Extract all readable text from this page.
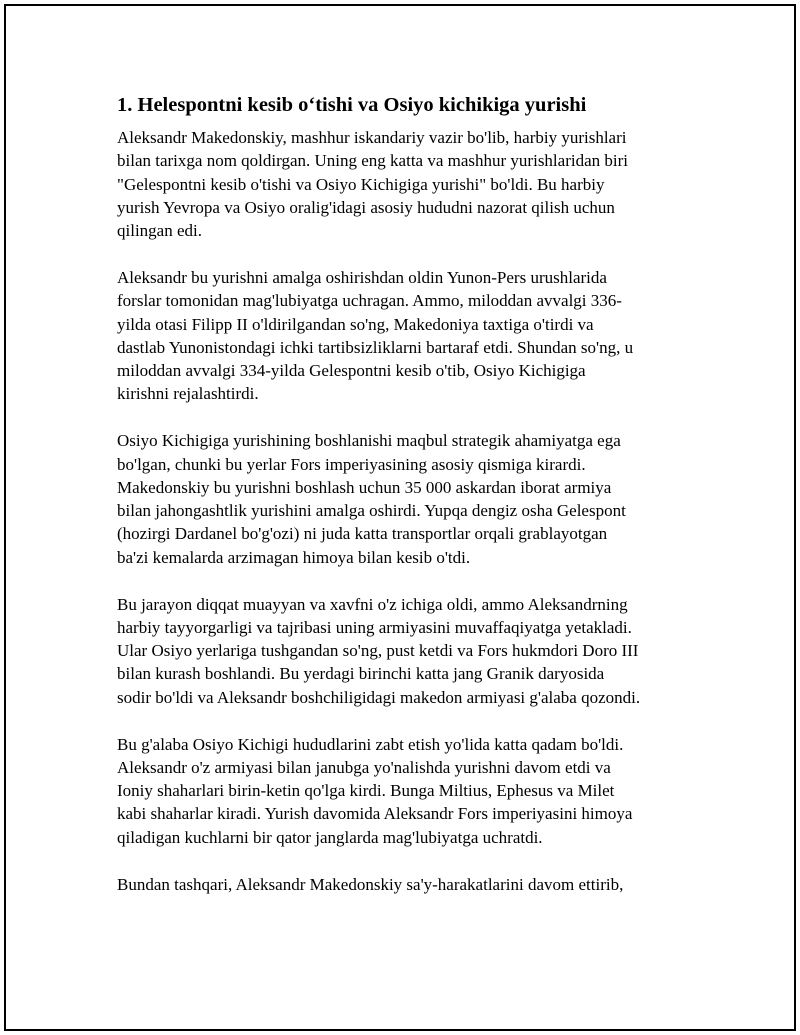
1. Helespontni kesib o‘tishi va Osiyo kichikiga yurishi

Aleksandr Makedonskiy, mashhur iskandariy vazir bo'lib, harbiy yurishlari
bilan tarixga nom qoldirgan. Uning eng katta va mashhur yurishlaridan biri
"Gelespontni kesib o'tishi va Osiyo Kichigiga yurishi" bo'ldi. Bu harbiy
yurish Yevropa va Osiyo oralig'idagi asosiy hududni nazorat qilish uchun
qilingan edi.

Aleksandr bu yurishni amalga oshirishdan oldin Yunon-Pers urushlarida
forslar tomonidan mag'lubiyatga uchragan. Ammo, miloddan avvalgi 336-
yilda otasi Filipp II o'ldirilgandan so'ng, Makedoniya taxtiga o'tirdi va
dastlab Yunonistondagi ichki tartibsizliklarni bartaraf etdi. Shundan so'ng, u
miloddan avvalgi 334-yilda Gelespontni kesib o'tib, Osiyo Kichigiga
kirishni rejalashtirdi.

Osiyo Kichigiga yurishining boshlanishi maqbul strategik ahamiyatga ega
bo'lgan, chunki bu yerlar Fors imperiyasining asosiy qismiga kirardi.
Makedonskiy bu yurishni boshlash uchun 35 000 askardan iborat armiya
bilan jahongashtlik yurishini amalga oshirdi. Yupqa dengiz osha Gelespont
(hozirgi Dardanel bo'g'ozi) ni juda katta transportlar orqali grablayotgan
ba'zi kemalarda arzimagan himoya bilan kesib o'tdi.

Bu jarayon diqqat muayyan va xavfni o'z ichiga oldi, ammo Aleksandrning
harbiy tayyorgarligi va tajribasi uning armiyasini muvaffaqiyatga yetakladi.
Ular Osiyo yerlariga tushgandan so'ng, pust ketdi va Fors hukmdori Doro III
bilan kurash boshlandi. Bu yerdagi birinchi katta jang Granik daryosida
sodir bo'ldi va Aleksandr boshchiligidagi makedon armiyasi g'alaba qozondi.

Bu g'alaba Osiyo Kichigi hududlarini zabt etish yo'lida katta qadam bo'ldi.
Aleksandr o'z armiyasi bilan janubga yo'nalishda yurishni davom etdi va
Ioniy shaharlari birin-ketin qo'lga kirdi. Bunga Miltius, Ephesus va Milet
kabi shaharlar kiradi. Yurish davomida Aleksandr Fors imperiyasini himoya
qiladigan kuchlarni bir qator janglarda mag'lubiyatga uchratdi.

Bundan tashqari, Aleksandr Makedonskiy sa'y-harakatlarini davom ettirib,
